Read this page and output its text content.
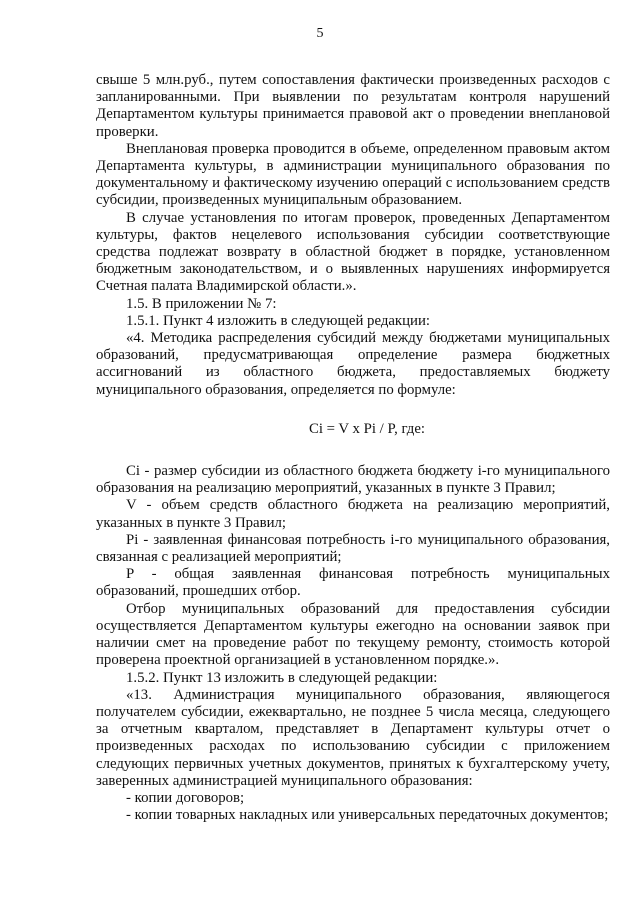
5

свыше 5 млн.руб., путем сопоставления фактически произведенных расходов с запланированными. При выявлении по результатам контроля нарушений Департаментом культуры принимается правовой акт о проведении внеплановой проверки.

Внеплановая проверка проводится в объеме, определенном правовым актом Департамента культуры, в администрации муниципального образования по документальному и фактическому изучению операций с использованием средств субсидии, произведенных муниципальным образованием.

В случае установления по итогам проверок, проведенных Департаментом культуры, фактов нецелевого использования субсидии соответствующие средства подлежат возврату в областной бюджет в порядке, установленном бюджетным законодательством, и о выявленных нарушениях информируется Счетная палата Владимирской области.».

1.5. В приложении № 7:

1.5.1. Пункт 4 изложить в следующей редакции:

«4. Методика распределения субсидий между бюджетами муниципальных образований, предусматривающая определение размера бюджетных ассигнований из областного бюджета, предоставляемых бюджету муниципального образования, определяется по формуле:

Ci = V x Pi / P, где:

Ci - размер субсидии из областного бюджета бюджету i-го муниципального образования на реализацию мероприятий, указанных в пункте 3 Правил;

V - объем средств областного бюджета на реализацию мероприятий, указанных в пункте 3 Правил;

Pi - заявленная финансовая потребность i-го муниципального образования, связанная с реализацией мероприятий;

P - общая заявленная финансовая потребность муниципальных образований, прошедших отбор.

Отбор муниципальных образований для предоставления субсидии осуществляется Департаментом культуры ежегодно на основании заявок при наличии смет на проведение работ по текущему ремонту, стоимость которой проверена проектной организацией в установленном порядке.».

1.5.2. Пункт 13 изложить в следующей редакции:

«13. Администрация муниципального образования, являющегося получателем субсидии, ежеквартально, не позднее 5 числа месяца, следующего за отчетным кварталом, представляет в Департамент культуры отчет о произведенных расходах по использованию субсидии с приложением следующих первичных учетных документов, принятых к бухгалтерскому учету, заверенных администрацией муниципального образования:

- копии договоров;

- копии товарных накладных или универсальных передаточных документов;
